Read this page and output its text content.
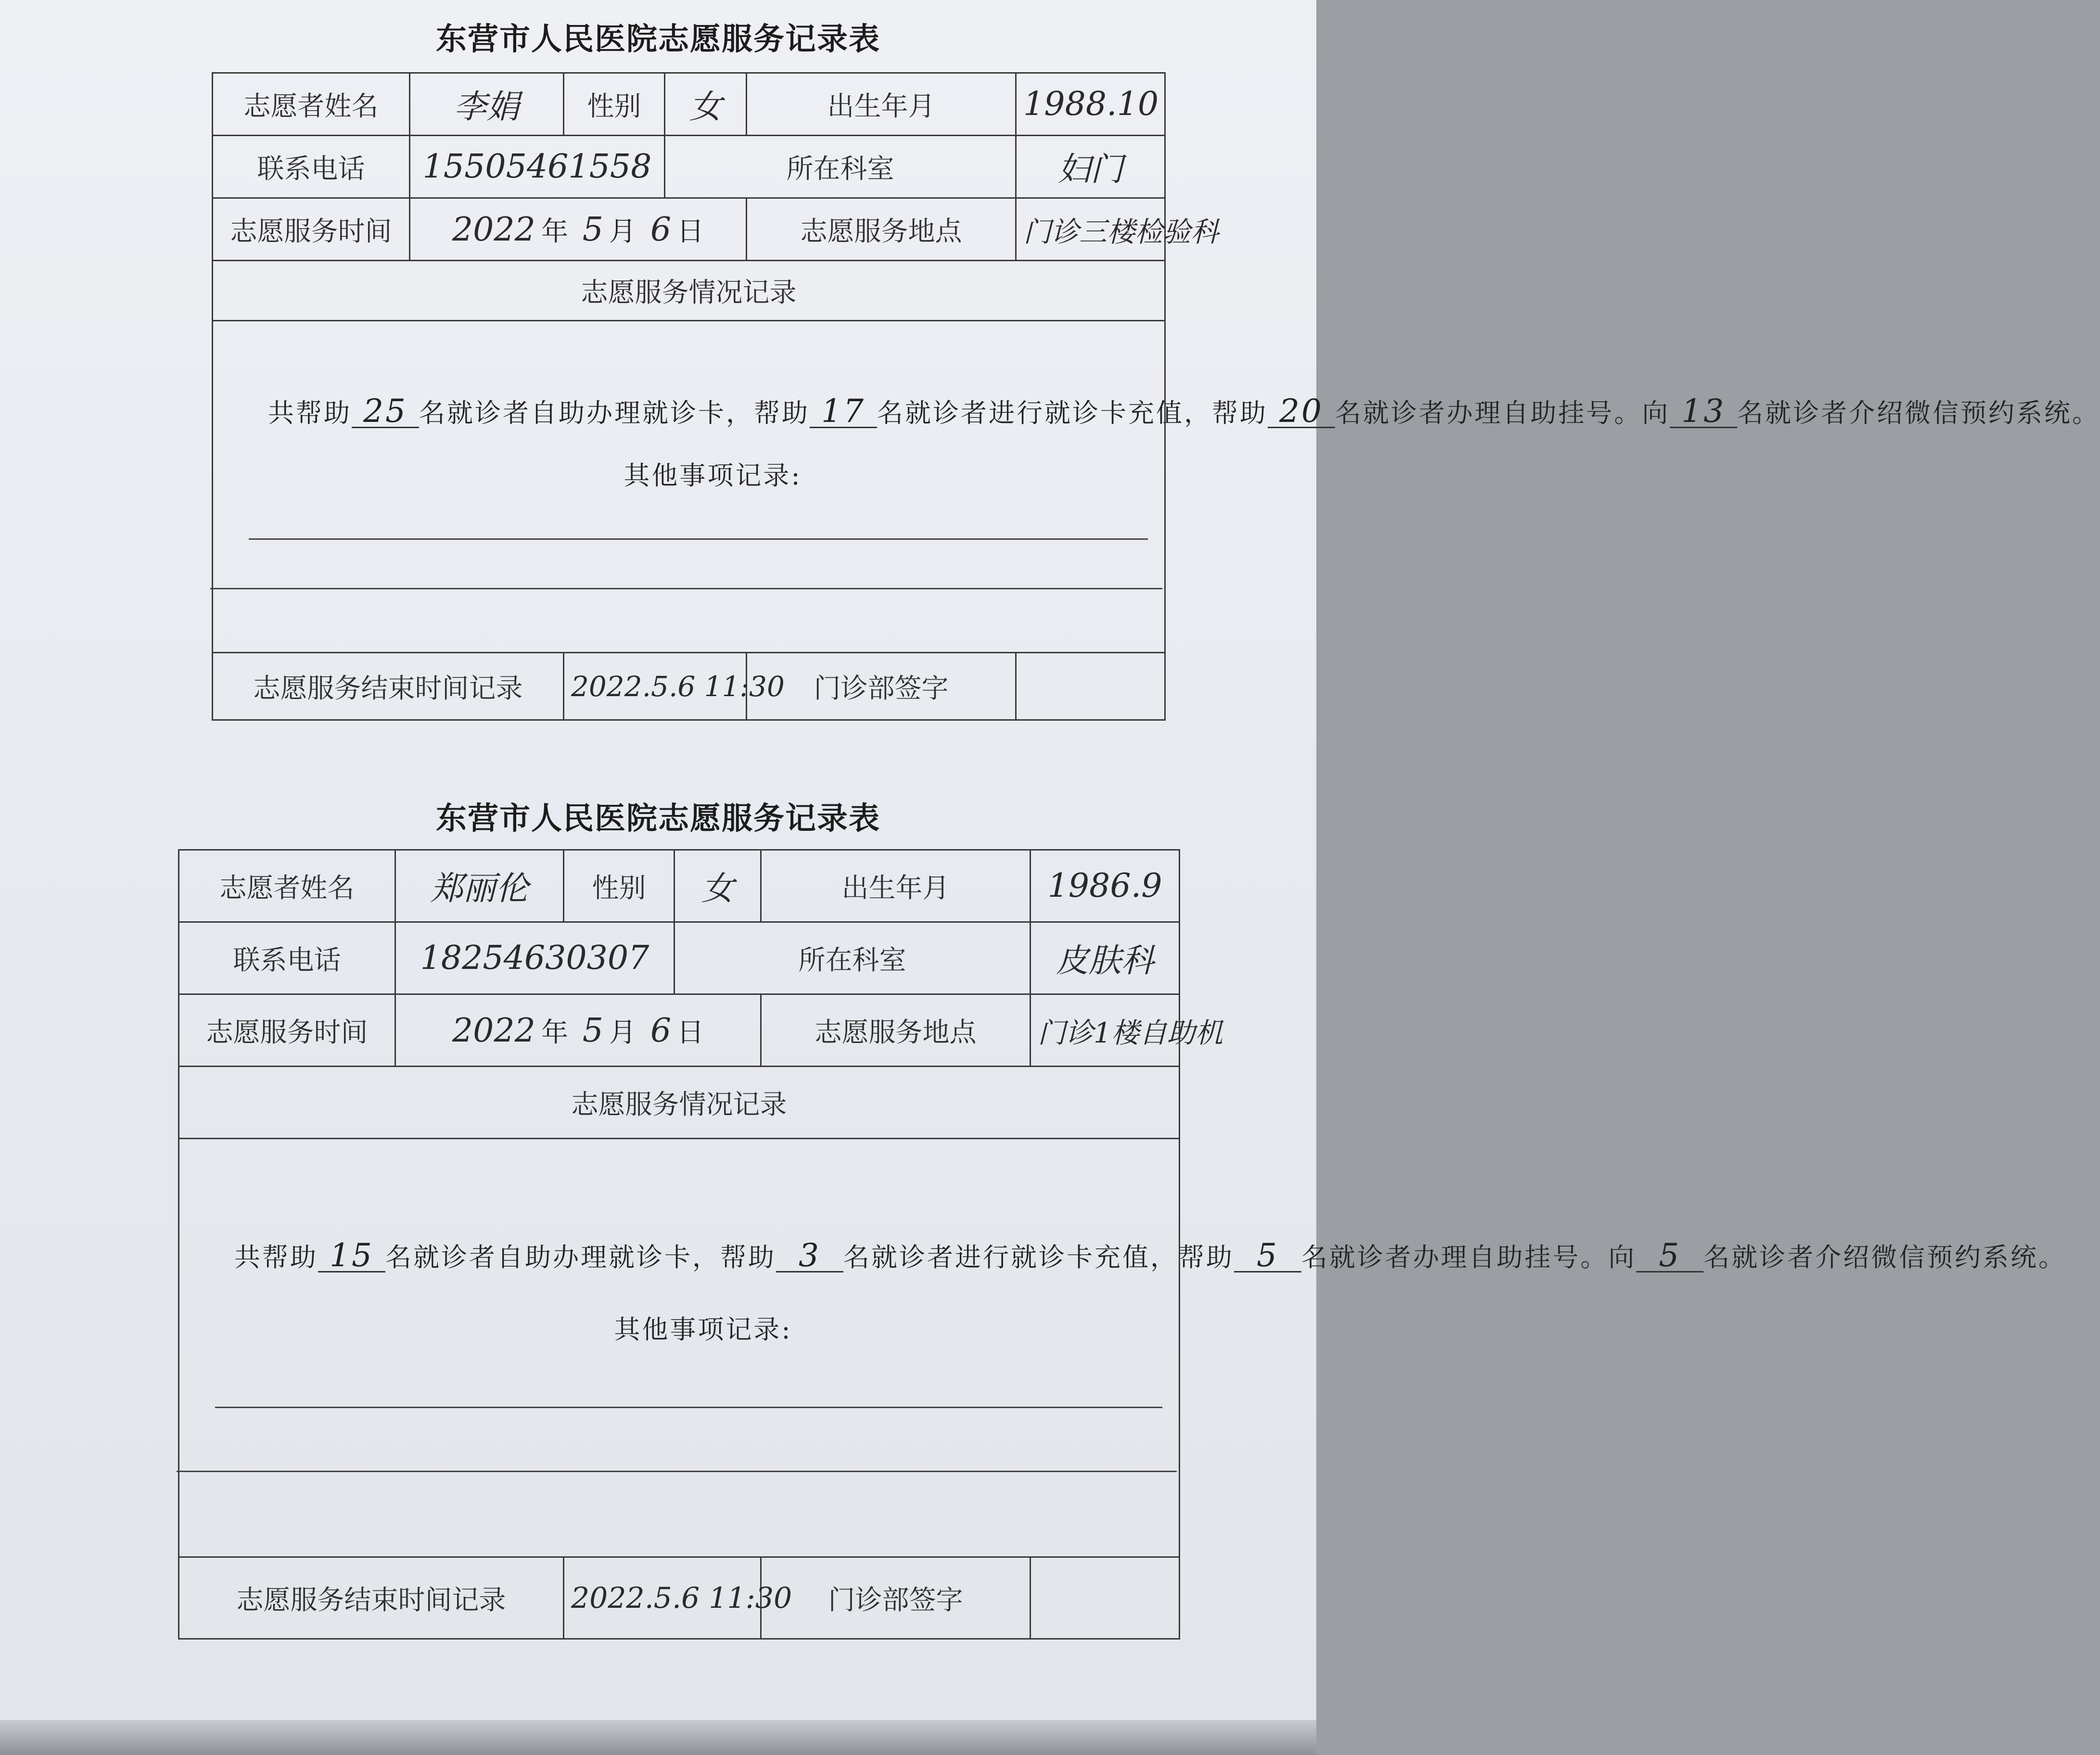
东营市人民医院志愿服务记录表
志愿者姓名	李娟	性别	女	出生年月	1988.10
联系电话	15505461558		所在科室		妇门
志愿服务时间	2022 年 5 月 6 日			志愿服务地点	门诊三楼检验科
志愿服务情况记录					

共帮助 25 名就诊者自助办理就诊卡，帮助 17 名就诊者进行就诊卡充值，帮助 20 名就诊者办理自助挂号。向 13 名就诊者介绍微信预约系统。
其他事项记录:					

志愿服务结束时间记录		2022.5.6 11:30		门诊部签字	
东营市人民医院志愿服务记录表
志愿者姓名	郑丽伦	性别	女	出生年月	1986.9
联系电话	18254630307		所在科室		皮肤科
志愿服务时间	2022 年 5 月 6 日			志愿服务地点	门诊1楼自助机
志愿服务情况记录					

共帮助 15 名就诊者自助办理就诊卡，帮助 3 名就诊者进行就诊卡充值，帮助 5 名就诊者办理自助挂号。向 5 名就诊者介绍微信预约系统。
其他事项记录:					

志愿服务结束时间记录		2022.5.6 11:30		门诊部签字	
